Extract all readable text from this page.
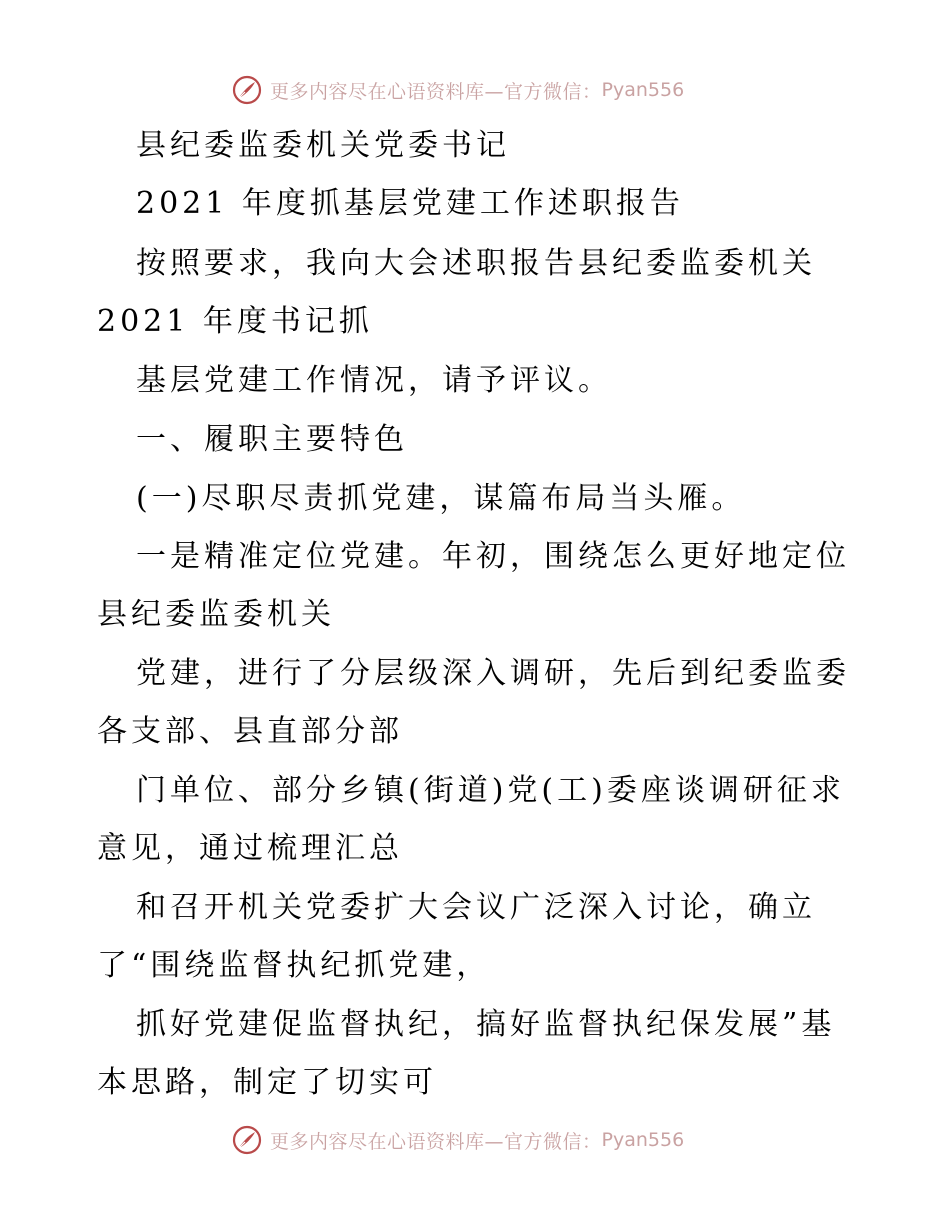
更多内容尽在心语资料库—官方微信： Pyan556
县纪委监委机关党委书记
2021 年度抓基层党建工作述职报告
按照要求，我向大会述职报告县纪委监委机关
2021 年度书记抓
基层党建工作情况，请予评议。
一、履职主要特色
(一)尽职尽责抓党建，谋篇布局当头雁。
一是精准定位党建。年初，围绕怎么更好地定位
县纪委监委机关
党建，进行了分层级深入调研，先后到纪委监委
各支部、县直部分部
门单位、部分乡镇(街道)党(工)委座谈调研征求
意见，通过梳理汇总
和召开机关党委扩大会议广泛深入讨论，确立
了“围绕监督执纪抓党建，
抓好党建促监督执纪，搞好监督执纪保发展”基
本思路，制定了切实可
更多内容尽在心语资料库—官方微信： Pyan556
